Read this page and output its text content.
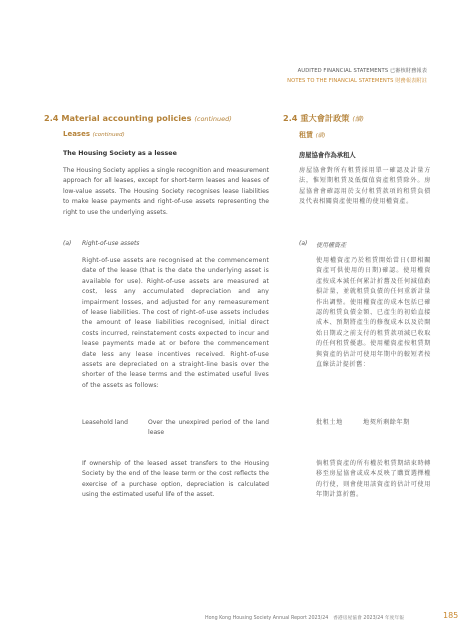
AUDITED FINANCIAL STATEMENTS 已審核財務報表
NOTES TO THE FINANCIAL STATEMENTS 財務報表附註
2.4 Material accounting policies (continued)
Leases (continued)
The Housing Society as a lessee
The Housing Society applies a single recognition and measurement approach for all leases, except for short-term leases and leases of low-value assets. The Housing Society recognises lease liabilities to make lease payments and right-of-use assets representing the right to use the underlying assets.
(a) Right-of-use assets
Right-of-use assets are recognised at the commencement date of the lease (that is the date the underlying asset is available for use). Right-of-use assets are measured at cost, less any accumulated depreciation and any impairment losses, and adjusted for any remeasurement of lease liabilities. The cost of right-of-use assets includes the amount of lease liabilities recognised, initial direct costs incurred, reinstatement costs expected to incur and lease payments made at or before the commencement date less any lease incentives received. Right-of-use assets are depreciated on a straight-line basis over the shorter of the lease terms and the estimated useful lives of the assets as follows:
Leasehold land	Over the unexpired period of the land lease
If ownership of the leased asset transfers to the Housing Society by the end of the lease term or the cost reflects the exercise of a purchase option, depreciation is calculated using the estimated useful life of the asset.
2.4 重大會計政策 (續)
租賃 (續)
房屋協會作為承租人
房屋協會對所有租賃採用單一確認及計量方法，惟短期租賃及低價值資產租賃除外。房屋協會會確認用於支付租賃款項的租賃負債及代表相關資產使用權的使用權資產。
(a) 使用權資產
使用權資產乃於租賃開始當日(即相關資產可供使用的日期)確認。使用權資產按成本減任何累計折舊及任何減值虧損計量，並就租賃負債的任何重新計量作出調整。使用權資產的成本包括已確認的租賃負債金額、已產生的初始直接成本、預期將產生的修復成本以及於開始日期或之前支付的租賃款項減已收取的任何租賃優惠。使用權資產按租賃期與資產的估計可使用年期中的較短者按直線法計提折舊：
批租土地	地契所剩餘年期
倘租賃資產的所有權於租賃期結束時轉移至房屋協會或成本反映了購買選擇權的行使，則會使用該資產的估計可使用年期計算折舊。
Hong Kong Housing Society Annual Report 2023/24　香港房屋協會 2023/24 年度年報	185
